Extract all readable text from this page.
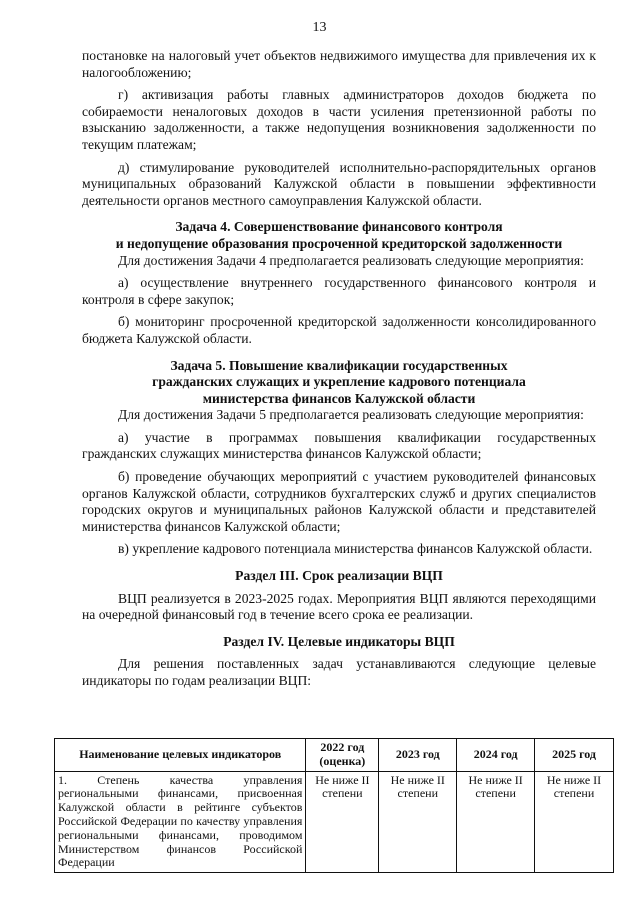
13

постановке на налоговый учет объектов недвижимого имущества для привлечения их к налогообложению;

г) активизация работы главных администраторов доходов бюджета по собираемости неналоговых доходов в части усиления претензионной работы по взысканию задолженности, а также недопущения возникновения задолженности по текущим платежам;

д) стимулирование руководителей исполнительно-распорядительных органов муниципальных образований Калужской области в повышении эффективности деятельности органов местного самоуправления Калужской области.

Задача 4. Совершенствование финансового контроля
и недопущение образования просроченной кредиторской задолженности

Для достижения Задачи 4 предполагается реализовать следующие мероприятия:

а) осуществление внутреннего государственного финансового контроля и контроля в сфере закупок;

б) мониторинг просроченной кредиторской задолженности консолидированного бюджета Калужской области.

Задача 5. Повышение квалификации государственных
гражданских служащих и укрепление кадрового потенциала
министерства финансов Калужской области

Для достижения Задачи 5 предполагается реализовать следующие мероприятия:

а) участие в программах повышения квалификации государственных гражданских служащих министерства финансов Калужской области;

б) проведение обучающих мероприятий с участием руководителей финансовых органов Калужской области, сотрудников бухгалтерских служб и других специалистов городских округов и муниципальных районов Калужской области и представителей министерства финансов Калужской области;

в) укрепление кадрового потенциала министерства финансов Калужской области.

Раздел III. Срок реализации ВЦП

ВЦП реализуется в 2023-2025 годах. Мероприятия ВЦП являются переходящими на очередной финансовый год в течение всего срока ее реализации.

Раздел IV. Целевые индикаторы ВЦП

Для решения поставленных задач устанавливаются следующие целевые индикаторы по годам реализации ВЦП:

Наименование целевых индикаторов	2022 год (оценка)	2023 год	2024 год	2025 год
1. Степень качества управления региональными финансами, присвоенная Калужской области в рейтинге субъектов Российской Федерации по качеству управления региональными финансами, проводимом Министерством финансов Российской Федерации	Не ниже II степени	Не ниже II степени	Не ниже II степени	Не ниже II степени
